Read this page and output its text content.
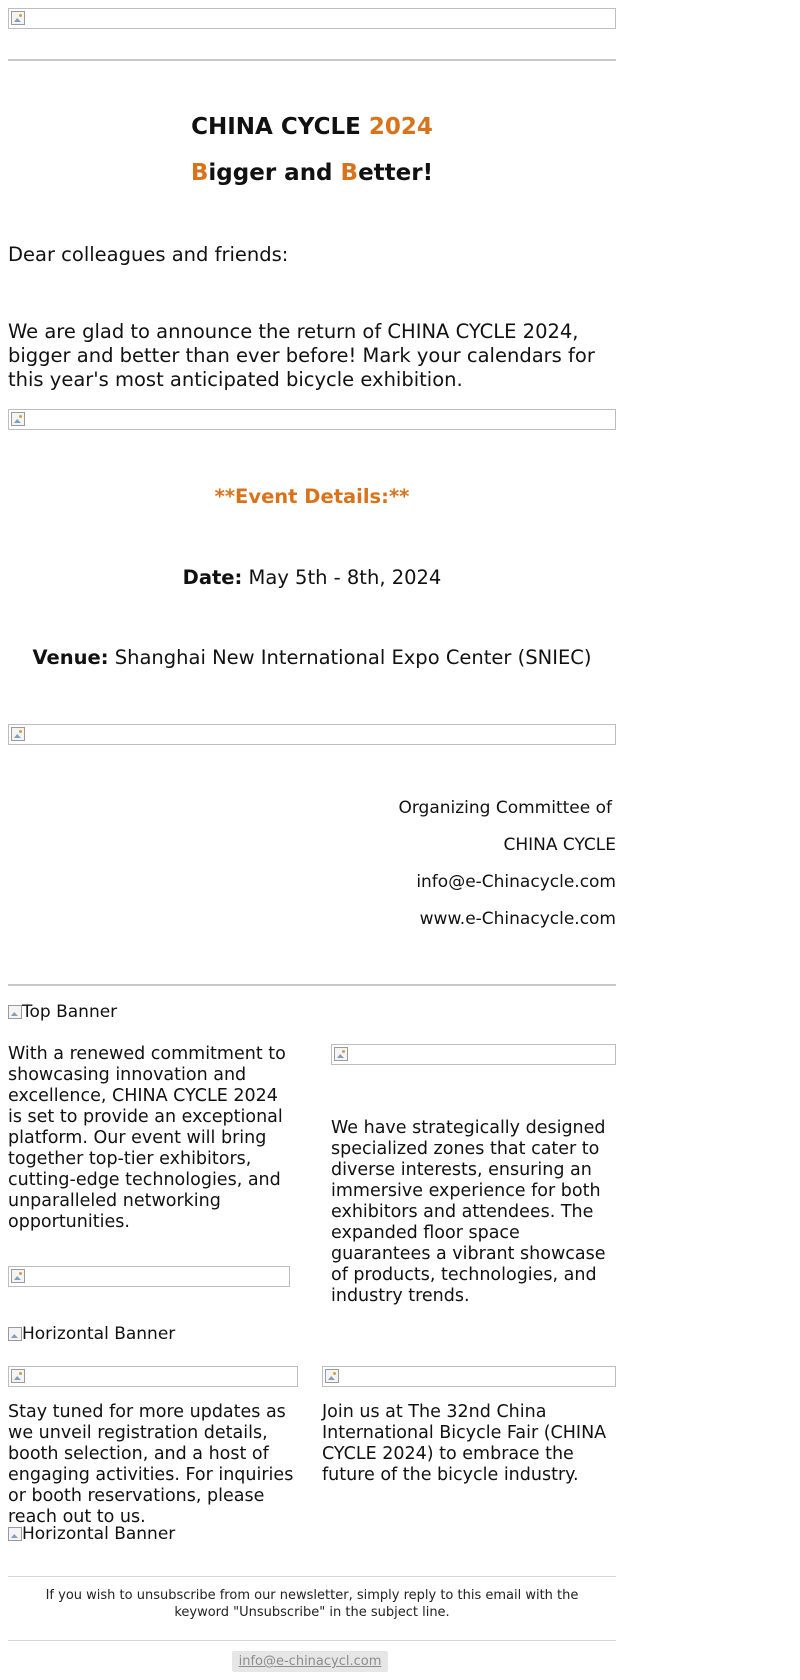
CHINA CYCLE 2024
Bigger and Better!
Dear colleagues and friends:
We are glad to announce the return of CHINA CYCLE 2024, bigger and better than ever before! Mark your calendars for this year's most anticipated bicycle exhibition.
**Event Details:**
Date: May 5th - 8th, 2024
Venue: Shanghai New International Expo Center (SNIEC)
Organizing Committee of
CHINA CYCLE
info@e-Chinacycle.com
www.e-Chinacycle.com
Top Banner
With a renewed commitment to showcasing innovation and excellence, CHINA CYCLE 2024 is set to provide an exceptional platform. Our event will bring together top-tier exhibitors, cutting-edge technologies, and unparalleled networking opportunities.
We have strategically designed specialized zones that cater to diverse interests, ensuring an immersive experience for both exhibitors and attendees. The expanded floor space guarantees a vibrant showcase of products, technologies, and industry trends.
Horizontal Banner
Stay tuned for more updates as we unveil registration details, booth selection, and a host of engaging activities. For inquiries or booth reservations, please reach out to us.
Join us at The 32nd China International Bicycle Fair (CHINA CYCLE 2024) to embrace the future of the bicycle industry.
Horizontal Banner
If you wish to unsubscribe from our newsletter, simply reply to this email with the keyword "Unsubscribe" in the subject line.
info@e-chinacycl.com
